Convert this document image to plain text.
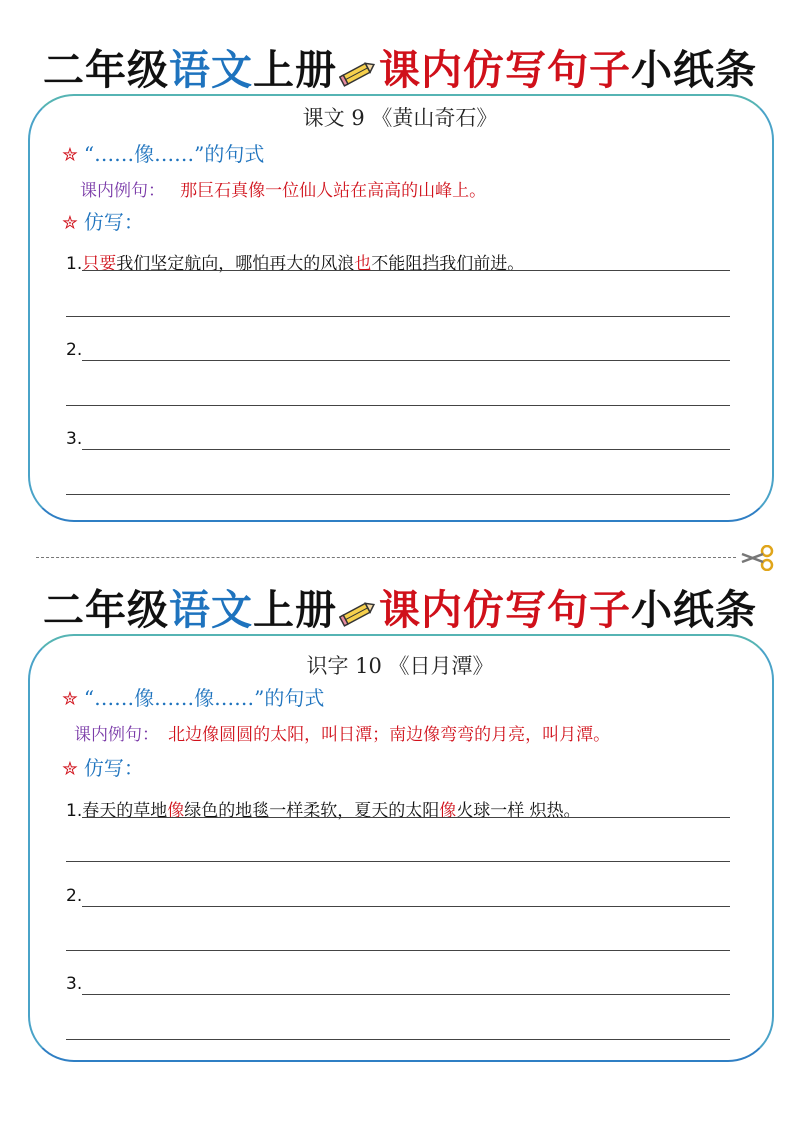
二年级语文上册 课内仿写句子小纸条
课文 9 《黄山奇石》
✮ “……像……”的句式
课内例句： 那巨石真像一位仙人站在高高的山峰上。
✮ 仿写：
1.只要我们坚定航向，哪怕再大的风浪也不能阻挡我们前进。
2.
3.
二年级语文上册 课内仿写句子小纸条
识字 10 《日月潭》
✮ “……像……像……”的句式
课内例句： 北边像圆圆的太阳，叫日潭；南边像弯弯的月亮，叫月潭。
✮ 仿写：
1.春天的草地像绿色的地毯一样柔软，夏天的太阳像火球一样 炽热。
2.
3.
